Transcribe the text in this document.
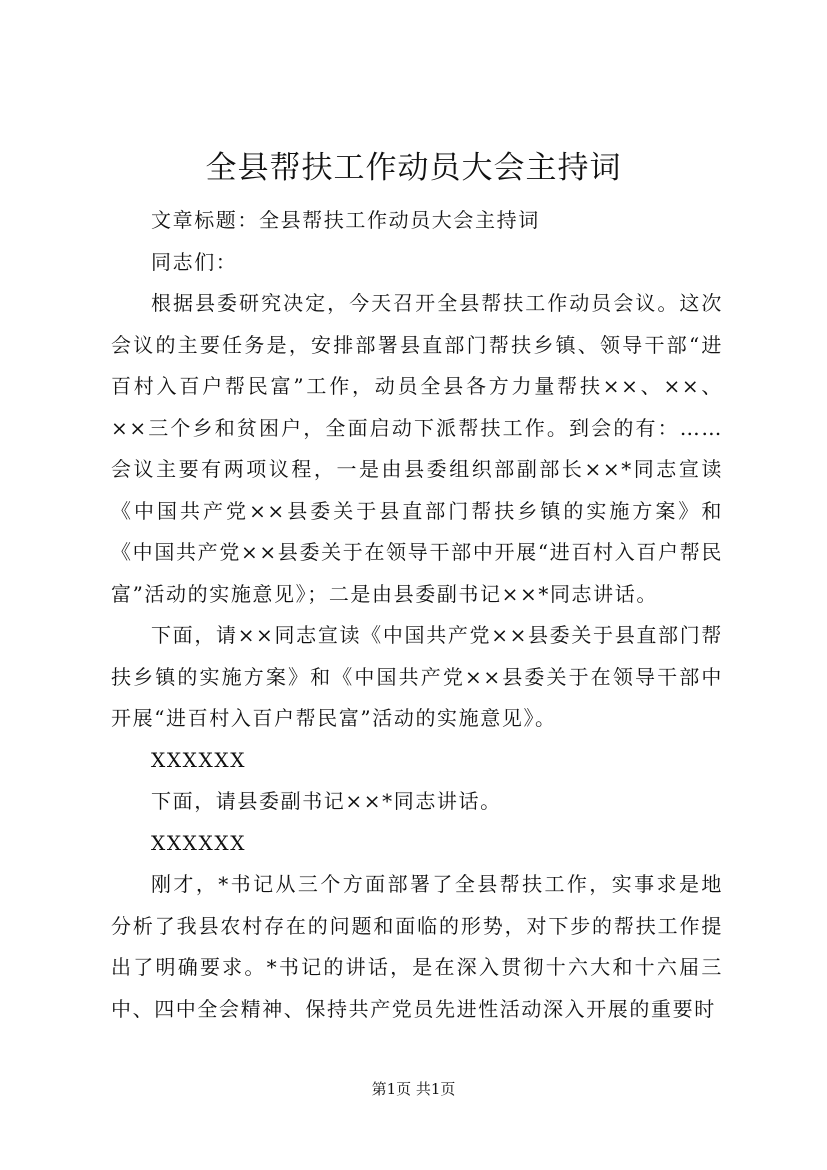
全县帮扶工作动员大会主持词

文章标题：全县帮扶工作动员大会主持词

同志们：

根据县委研究决定，今天召开全县帮扶工作动员会议。这次会议的主要任务是，安排部署县直部门帮扶乡镇、领导干部“进百村入百户帮民富”工作，动员全县各方力量帮扶××、××、××三个乡和贫困户，全面启动下派帮扶工作。到会的有：……会议主要有两项议程，一是由县委组织部副部长××*同志宣读《中国共产党××县委关于县直部门帮扶乡镇的实施方案》和《中国共产党××县委关于在领导干部中开展“进百村入百户帮民富”活动的实施意见》；二是由县委副书记××*同志讲话。

下面，请××同志宣读《中国共产党××县委关于县直部门帮扶乡镇的实施方案》和《中国共产党××县委关于在领导干部中开展“进百村入百户帮民富”活动的实施意见》。

XXXXXX

下面，请县委副书记××*同志讲话。

XXXXXX

刚才，*书记从三个方面部署了全县帮扶工作，实事求是地分析了我县农村存在的问题和面临的形势，对下步的帮扶工作提出了明确要求。*书记的讲话，是在深入贯彻十六大和十六届三中、四中全会精神、保持共产党员先进性活动深入开展的重要时

第1页 共1页
